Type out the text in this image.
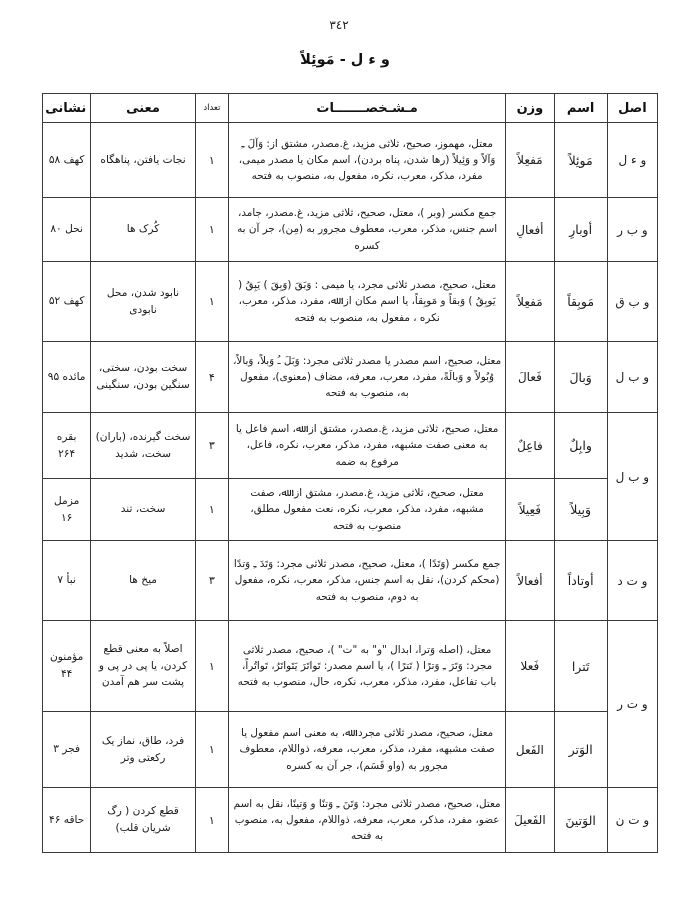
٣٤٢
و ء ل - مَوئِلاً
اصل	اسم	وزن	مـشـخصـــــــات	تعداد	معنی	نشانی
و ء ل	مَوئِلاً	مَفعِلاً	معتل، مهموز، صحیح، ثلاثی مزید، غ.مصدر، مشتق از: وَآلَ ـِ وَآلاً و وَئِیلاً (رها شدن، پناه بردن)، اسم مکان یا مصدر میمی، مفرد، مذکر، معرب، نکره، مفعول به، منصوب به فتحه	۱	نجات یافتن، پناهگاه	کهف ۵۸
و ب ر	أوبارِ	أفعالِ	جمع مکسر (وبر )، معتل، صحیح، ثلاثی مزید، غ.مصدر، جامد، اسم جنس، مذکر، معرب، معطوف مجرور به (مِن)، جر آن به کسره	۱	کُرک ها	نحل ۸۰
و ب ق	مَوبِقاً	مَفعِلاً	معتل، صحیح، مصدر ثلاثی مجرد، یا میمی : وَبَقَ (وَبِقَ ) یَبِقُ ( یَوبِقُ ) وَبقاً و مَوبِقاً، یا اسم مکان از: ﷲ، مفرد، مذکر، معرب، نکره ، مفعول به، منصوب به فتحه	۱	نابود شدن، محل نابودی	کهف ۵۲
و ب ل	وَبالَ	فَعالَ	معتل، صحیح، اسم مصدر یا مصدر ثلاثی مجرد: وَبَلَ ـُ وَبلاً، وَبالاً، وُبُولاً و وَبالَةً، مفرد، معرب، معرفه، مضاف (معنوی)، مفعول به، منصوب به فتحه	۴	سخت بودن، سختی، سنگین بودن، سنگینی	مائده ۹۵
و ب ل	وابِلٌ	فاعِلٌ	معتل، صحیح، ثلاثی مزید، غ.مصدر، مشتق از: ﷲ، اسم فاعل یا به معنی صفت مشبهه، مفرد، مذکر، معرب، نکره، فاعل، مرفوع به ضمه	۳	سخت گیرنده، (باران) سخت، شدید	بقره ۲۶۴
	وَبِیلاً	فَعِیلاً	معتل، صحیح، ثلاثی مزید، غ.مصدر، مشتق از: ﷲ، صفت مشبهه، مفرد، مذکر، معرب، نکره، نعت مفعول مطلق، منصوب به فتحه	۱	سخت، تند	مزمل ۱۶
و ت د	أوتاداً	أفعالاً	جمع مکسر (وَتَدًا )، معتل، صحیح، مصدر ثلاثی مجرد: وَتَدَ ـِ وَتدًا (محکم کردن)، نقل به اسم جنس، مذکر، معرب، نکره، مفعول به دوم، منصوب به فتحه	۳	میخ ها	نبأ ۷
و ت ر	تَترا	فَعلا	معتل، (اصله وَترا، ابدال "و" به "ت" )، صحیح، مصدر ثلاثی مجرد: وَتَرَ ـِ وَترًا ( تَترًا )، یا اسم مصدر: تَواتَرَ یَتَواتَرُ، تَواتُراً، باب تفاعل، مفرد، مذکر، معرب، نکره، حال، منصوب به فتحه	۱	اصلاً به معنی قطع کردن، یا پی در پی و پشت سر هم آمدن	مؤمنون ۴۴
	الوَتر	الفَعل	معتل، صحیح، مصدر ثلاثی مجرد: ﷲ، به معنی اسم مفعول یا صفت مشبهه، مفرد، مذکر، معرب، معرفه، ذواللام، معطوف مجرور به (واو قَسَم)، جر آن به کسره	۱	فرد، طاق، نماز یک رکعتی وتر	فجر ۳
و ت ن	الوَتینَ	الفَعیلَ	معتل، صحیح، مصدر ثلاثی مجرد: وَتَنَ ـِ وَتنًا و وَتینًا، نقل به اسم عضو، مفرد، مذکر، معرب، معرفه، ذواللام، مفعول به، منصوب به فتحه	۱	قطع کردن ( رگ شریان قلب)	حاقه ۴۶
